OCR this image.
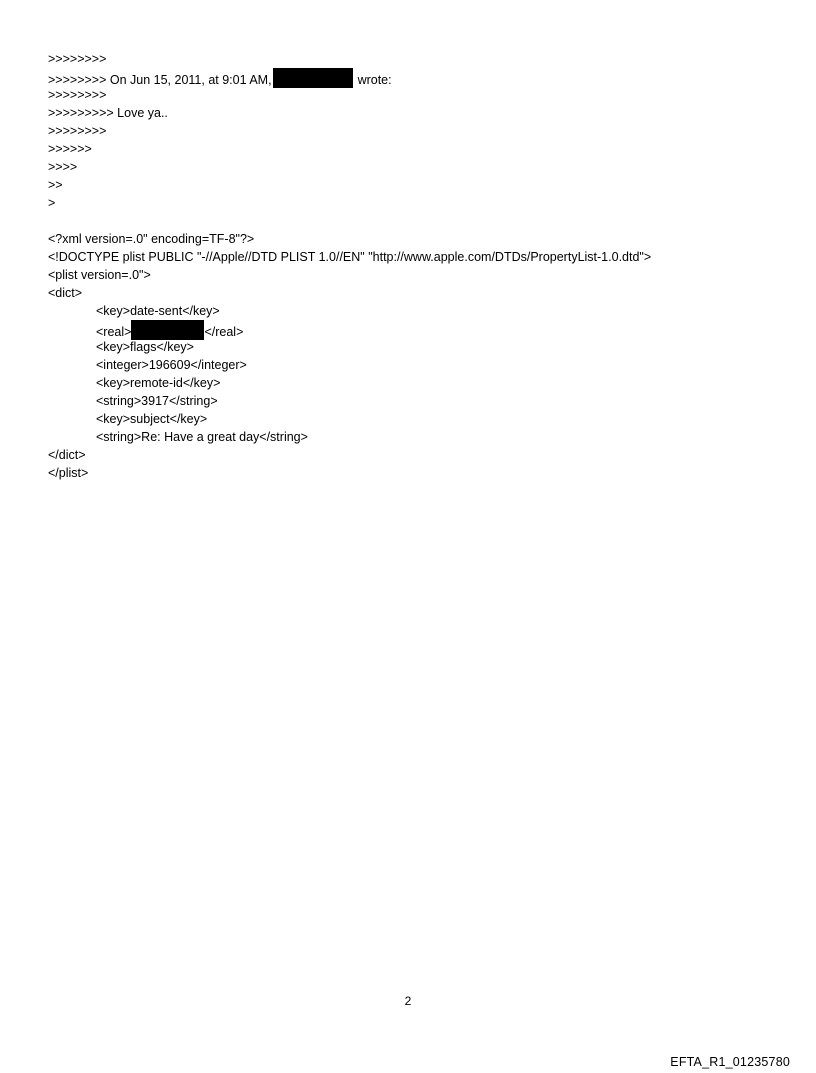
>>>>>>>>
>>>>>>>> On Jun 15, 2011, at 9:01 AM,	wrote:
>>>>>>>>
>>>>>>>>> Love ya..
>>>>>>>>
>>>>>>
>>>>
>>
>
<?xml version=.0" encoding=TF-8"?>
<!DOCTYPE plist PUBLIC "-//Apple//DTD PLIST 1.0//EN" "http://www.apple.com/DTDs/PropertyList-1.0.dtd">
<plist version=.0">
<dict>
<key>date-sent</key>
<real>	</real>
<key>flags</key>
<integer>196609</integer>
<key>remote-id</key>
<string>3917</string>
<key>subject</key>
<string>Re: Have a great day</string>
</dict>
</plist>
2
EFTA_R1_01235780
